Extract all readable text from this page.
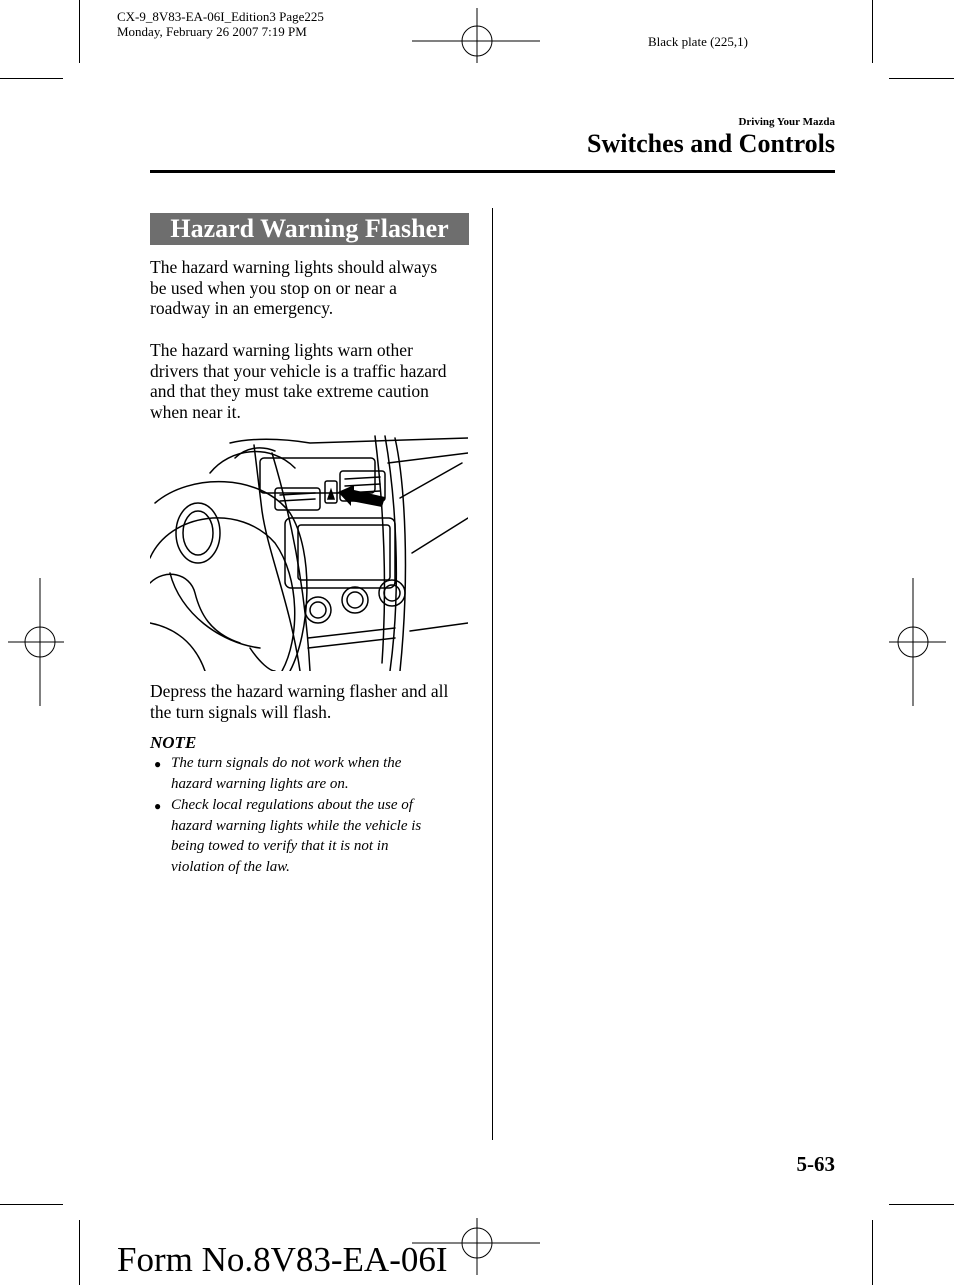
CX-9_8V83-EA-06I_Edition3 Page225
Monday, February 26 2007 7:19 PM
Black plate (225,1)
Driving Your Mazda
Switches and Controls
Hazard Warning Flasher
The hazard warning lights should always
be used when you stop on or near a
roadway in an emergency.
The hazard warning lights warn other
drivers that your vehicle is a traffic hazard
and that they must take extreme caution
when near it.
Depress the hazard warning flasher and all
the turn signals will flash.
NOTE
● The turn signals do not work when the
hazard warning lights are on.
● Check local regulations about the use of
hazard warning lights while the vehicle is
being towed to verify that it is not in
violation of the law.
5-63
Form No.8V83-EA-06I
